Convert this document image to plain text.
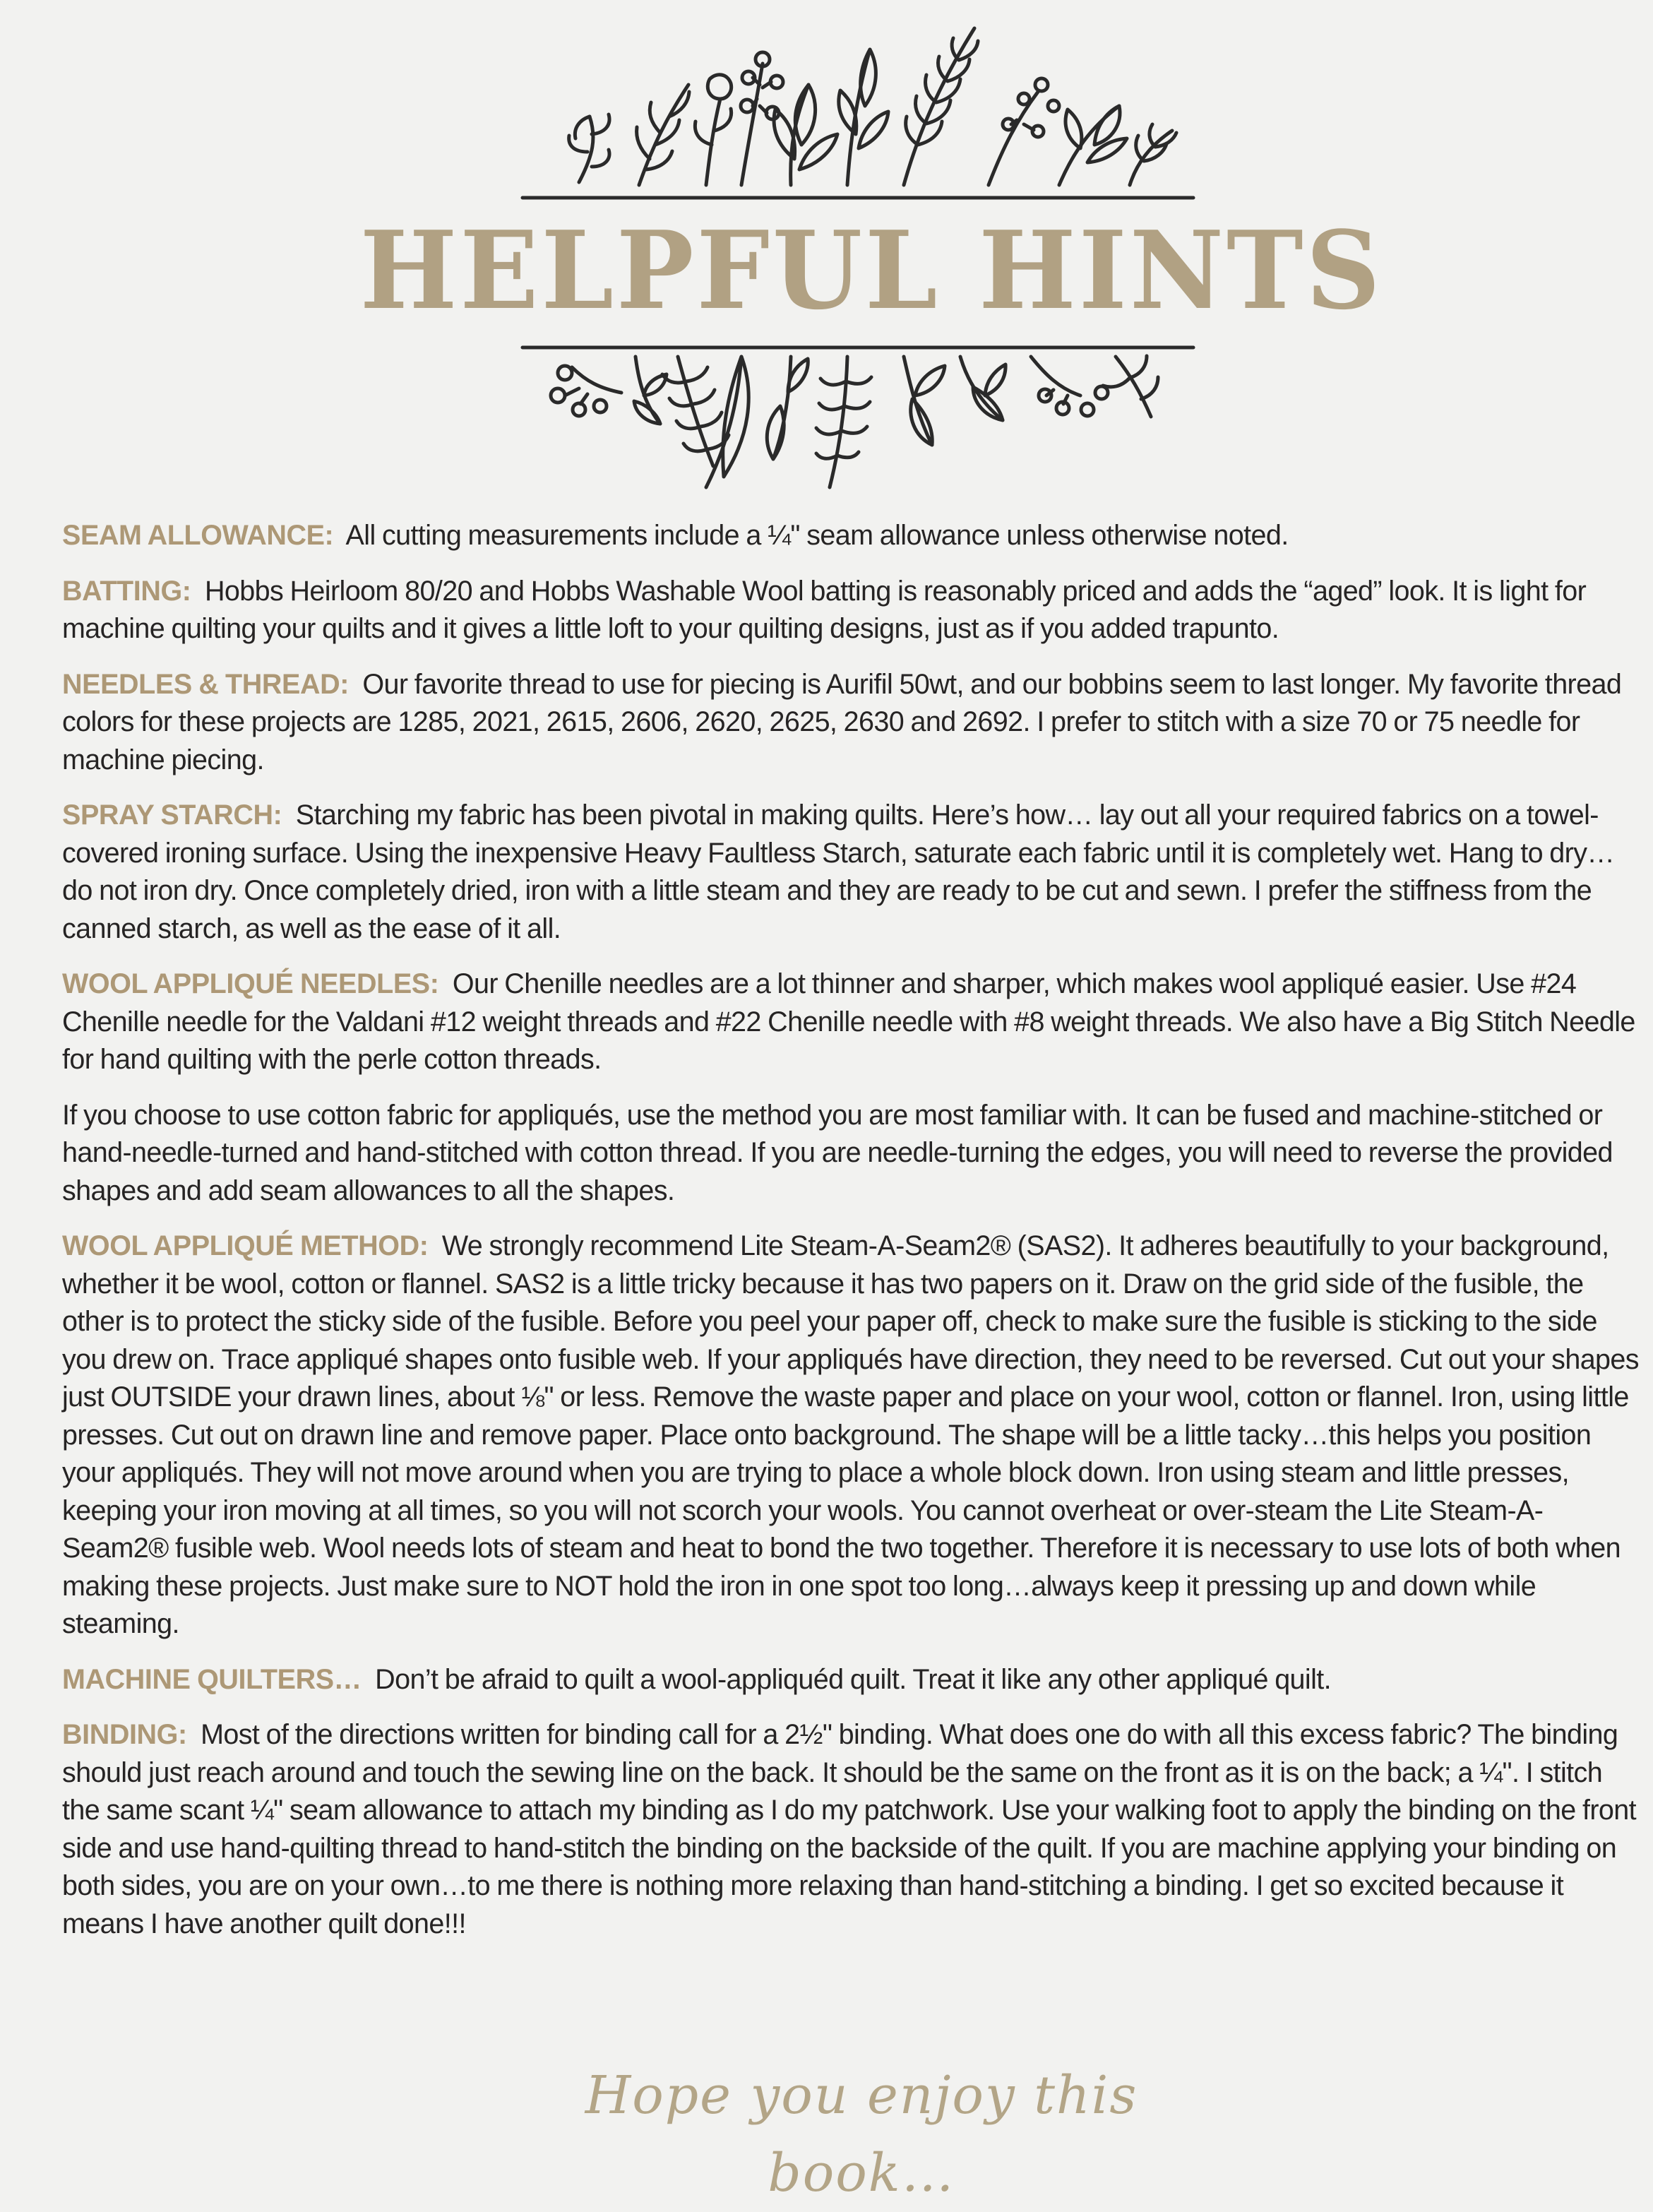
HELPFUL HINTS

SEAM ALLOWANCE: All cutting measurements include a ¼" seam allowance unless otherwise noted.

BATTING: Hobbs Heirloom 80/20 and Hobbs Washable Wool batting is reasonably priced and adds the “aged” look. It is light for machine quilting your quilts and it gives a little loft to your quilting designs, just as if you added trapunto.

NEEDLES & THREAD: Our favorite thread to use for piecing is Aurifil 50wt, and our bobbins seem to last longer. My favorite thread colors for these projects are 1285, 2021, 2615, 2606, 2620, 2625, 2630 and 2692. I prefer to stitch with a size 70 or 75 needle for machine piecing.

SPRAY STARCH: Starching my fabric has been pivotal in making quilts. Here’s how… lay out all your required fabrics on a towel-covered ironing surface. Using the inexpensive Heavy Faultless Starch, saturate each fabric until it is completely wet. Hang to dry… do not iron dry. Once completely dried, iron with a little steam and they are ready to be cut and sewn. I prefer the stiffness from the canned starch, as well as the ease of it all.

WOOL APPLIQUÉ NEEDLES: Our Chenille needles are a lot thinner and sharper, which makes wool appliqué easier. Use #24 Chenille needle for the Valdani #12 weight threads and #22 Chenille needle with #8 weight threads. We also have a Big Stitch Needle for hand quilting with the perle cotton threads.

If you choose to use cotton fabric for appliqués, use the method you are most familiar with. It can be fused and machine-stitched or hand-needle-turned and hand-stitched with cotton thread. If you are needle-turning the edges, you will need to reverse the provided shapes and add seam allowances to all the shapes.

WOOL APPLIQUÉ METHOD: We strongly recommend Lite Steam-A-Seam2® (SAS2). It adheres beautifully to your background, whether it be wool, cotton or flannel. SAS2 is a little tricky because it has two papers on it. Draw on the grid side of the fusible, the other is to protect the sticky side of the fusible. Before you peel your paper off, check to make sure the fusible is sticking to the side you drew on. Trace appliqué shapes onto fusible web. If your appliqués have direction, they need to be reversed. Cut out your shapes just OUTSIDE your drawn lines, about ⅛" or less. Remove the waste paper and place on your wool, cotton or flannel. Iron, using little presses. Cut out on drawn line and remove paper. Place onto background. The shape will be a little tacky…this helps you position your appliqués. They will not move around when you are trying to place a whole block down. Iron using steam and little presses, keeping your iron moving at all times, so you will not scorch your wools. You cannot overheat or over-steam the Lite Steam-A-Seam2® fusible web. Wool needs lots of steam and heat to bond the two together. Therefore it is necessary to use lots of both when making these projects. Just make sure to NOT hold the iron in one spot too long…always keep it pressing up and down while steaming.

MACHINE QUILTERS… Don’t be afraid to quilt a wool-appliquéd quilt. Treat it like any other appliqué quilt.

BINDING: Most of the directions written for binding call for a 2½" binding. What does one do with all this excess fabric? The binding should just reach around and touch the sewing line on the back. It should be the same on the front as it is on the back; a ¼". I stitch the same scant ¼" seam allowance to attach my binding as I do my patchwork. Use your walking foot to apply the binding on the front side and use hand-quilting thread to hand-stitch the binding on the backside of the quilt. If you are machine applying your binding on both sides, you are on your own…to me there is nothing more relaxing than hand-stitching a binding. I get so excited because it means I have another quilt done!!!

Hope you enjoy this book…
